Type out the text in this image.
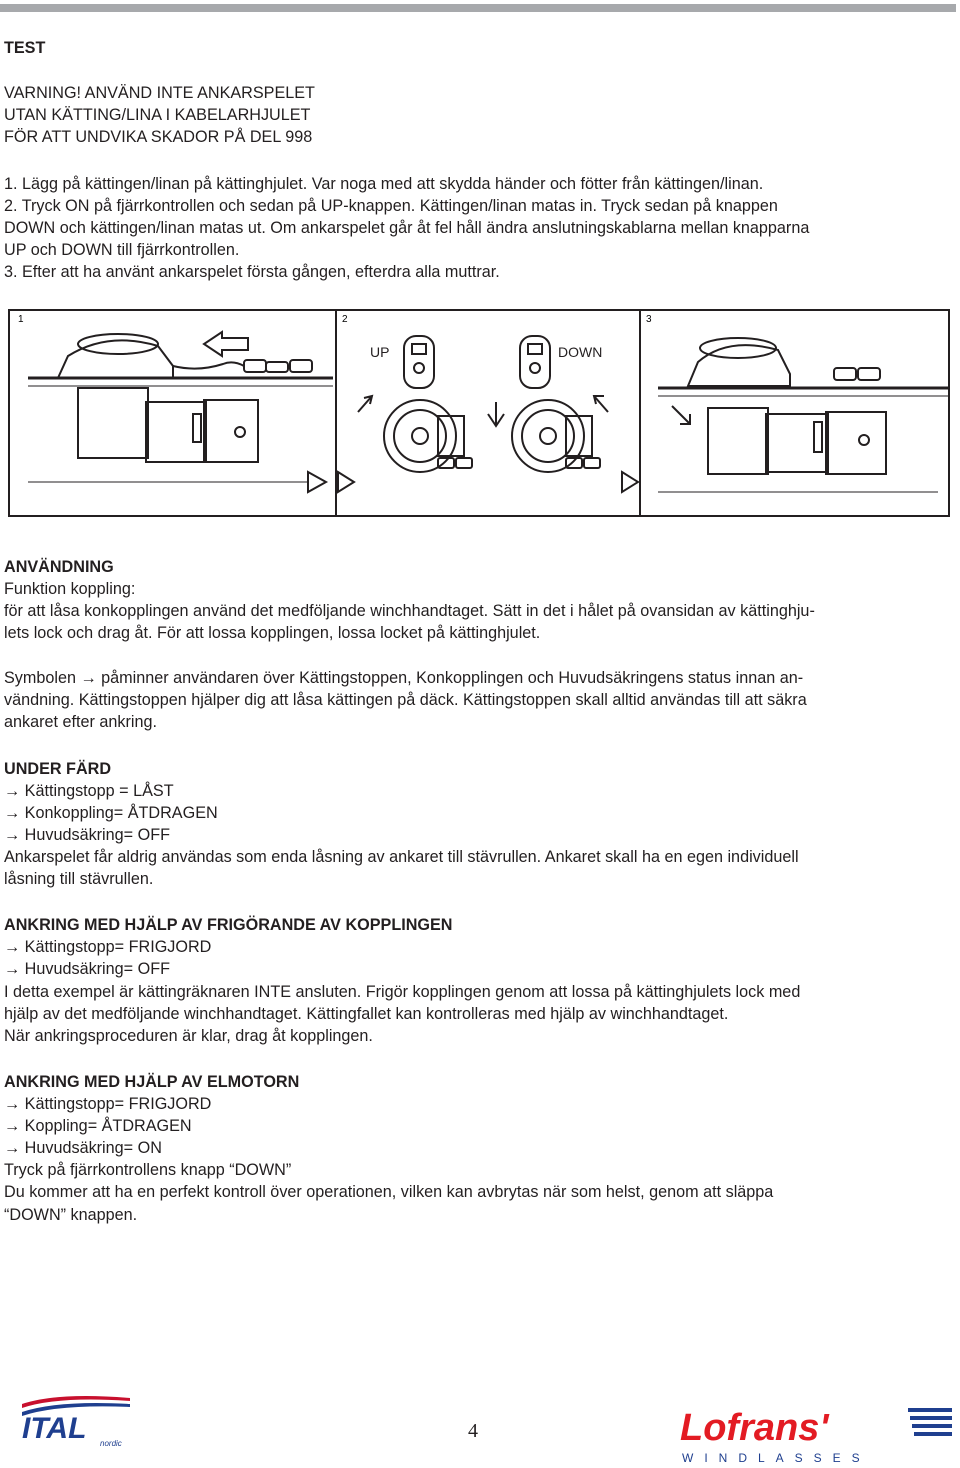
TEST

VARNING! ANVÄND INTE ANKARSPELET

UTAN KÄTTING/LINA I KABELARHJULET

FÖR ATT UNDVIKA SKADOR PÅ DEL 998

1. Lägg på kättingen/linan på kättinghjulet. Var noga med att skydda händer och fötter från kättingen/linan.

2. Tryck ON på fjärrkontrollen och sedan på UP-knappen. Kättingen/linan matas in. Tryck sedan på knappen

DOWN och kättingen/linan matas ut. Om ankarspelet går åt fel håll ändra anslutningskablarna mellan knapparna

UP och DOWN till fjärrkontrollen.

3. Efter att ha använt ankarspelet första gången, efterdra alla muttrar.

1	2	3
UP	DOWN

ANVÄNDNING

Funktion koppling:

för att låsa konkopplingen använd det medföljande winchhandtaget. Sätt in det i hålet på ovansidan av kättinghju-

lets lock och drag åt. För att lossa kopplingen, lossa locket på kättinghjulet.

Symbolen → påminner användaren över Kättingstoppen, Konkopplingen och Huvudsäkringens status innan an-

vändning. Kättingstoppen hjälper dig att låsa kättingen på däck. Kättingstoppen skall alltid användas till att säkra

ankaret efter ankring.

UNDER FÄRD

→ Kättingstopp = LÅST

→ Konkoppling= ÅTDRAGEN

→ Huvudsäkring= OFF

Ankarspelet får aldrig användas som enda låsning av ankaret till stävrullen. Ankaret skall ha en egen individuell

låsning till stävrullen.

ANKRING MED HJÄLP AV FRIGÖRANDE AV KOPPLINGEN

→ Kättingstopp= FRIGJORD

→ Huvudsäkring= OFF

I detta exempel är kättingräknaren INTE ansluten. Frigör kopplingen genom att lossa på kättinghjulets lock med

hjälp av det medföljande winchhandtaget. Kättingfallet kan kontrolleras med hjälp av winchhandtaget.

När ankringsproceduren är klar, drag åt kopplingen.

ANKRING MED HJÄLP AV ELMOTORN

→ Kättingstopp= FRIGJORD

→ Koppling= ÅTDRAGEN

→ Huvudsäkring= ON

Tryck på fjärrkontrollens knapp “DOWN”

Du kommer att ha en perfekt kontroll över operationen, vilken kan avbrytas när som helst, genom att släppa

“DOWN” knappen.

ITAL nordic
4	Lofrans'
WINDLASSES
